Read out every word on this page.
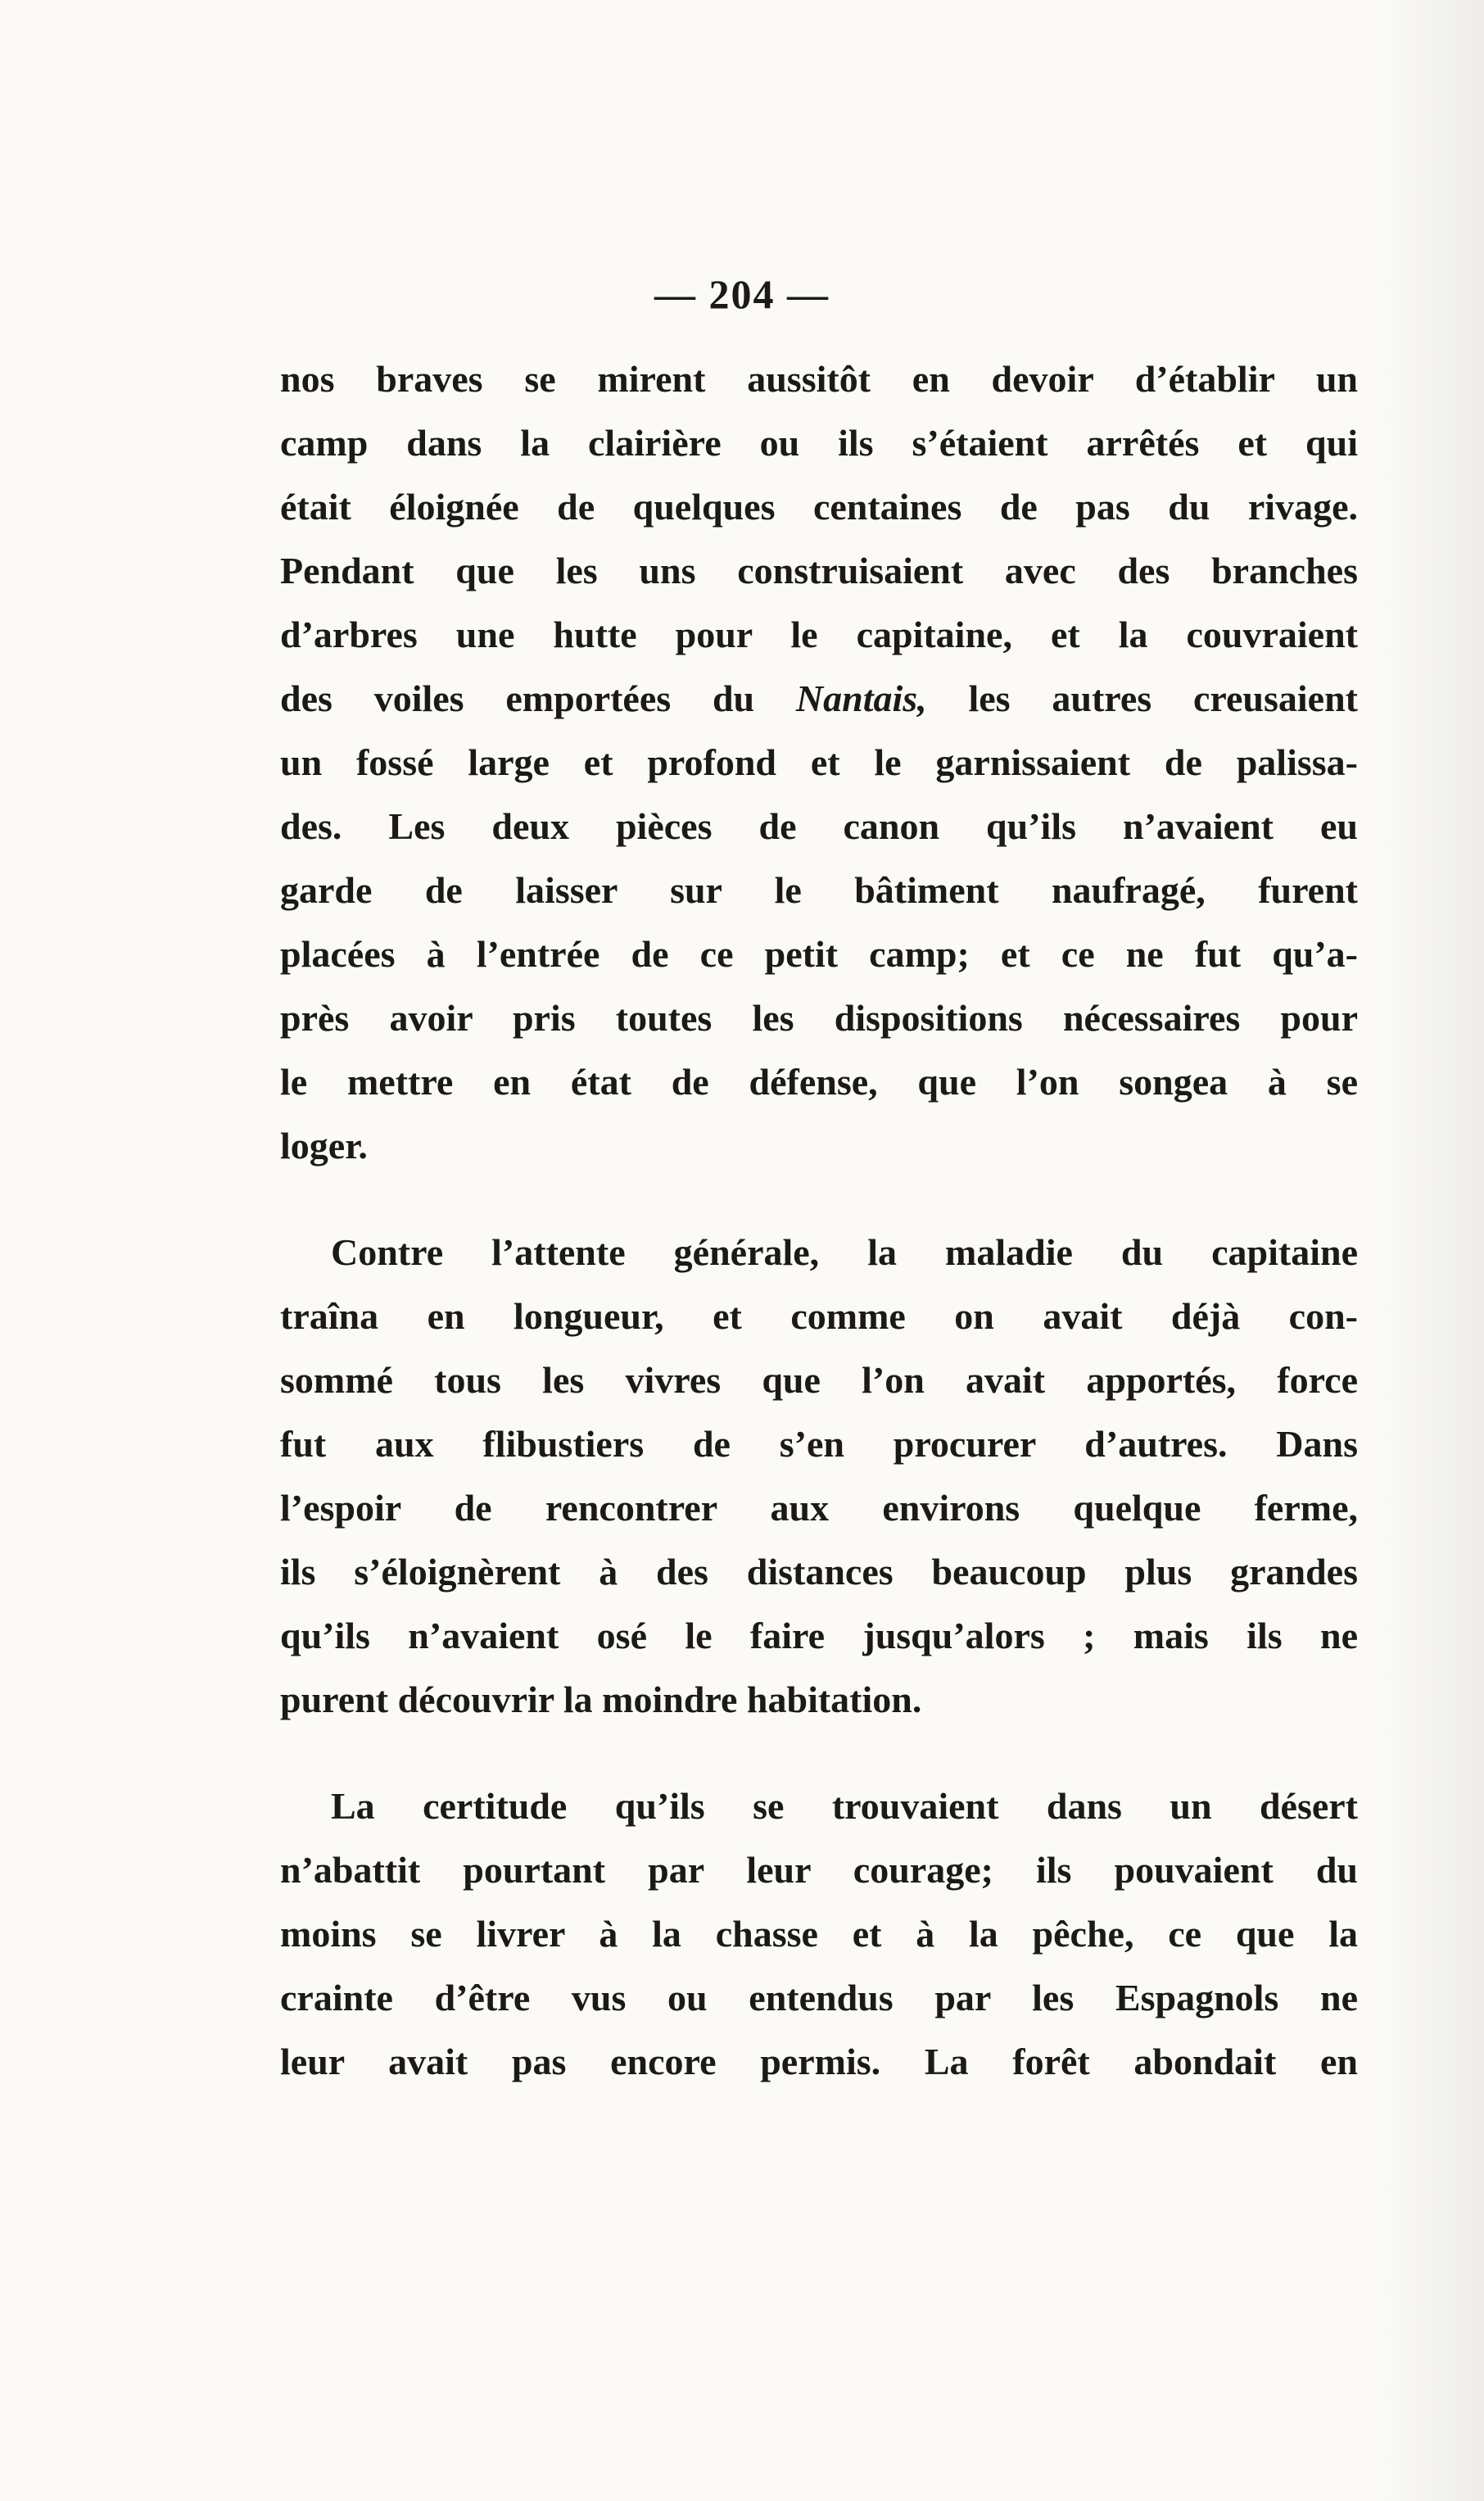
— 204 —
nos braves se mirent aussitôt en devoir d’établir un
camp dans la clairière ou ils s’étaient arrêtés et qui
était éloignée de quelques centaines de pas du rivage.
Pendant que les uns construisaient avec des branches
d’arbres une hutte pour le capitaine, et la couvraient
des voiles emportées du Nantais, les autres creusaient
un fossé large et profond et le garnissaient de palissa-
des. Les deux pièces de canon qu’ils n’avaient eu
garde de laisser sur le bâtiment naufragé, furent
placées à l’entrée de ce petit camp; et ce ne fut qu’a-
près avoir pris toutes les dispositions nécessaires pour
le mettre en état de défense, que l’on songea à se
loger.
Contre l’attente générale, la maladie du capitaine
traîna en longueur, et comme on avait déjà con-
sommé tous les vivres que l’on avait apportés, force
fut aux flibustiers de s’en procurer d’autres. Dans
l’espoir de rencontrer aux environs quelque ferme,
ils s’éloignèrent à des distances beaucoup plus grandes
qu’ils n’avaient osé le faire jusqu’alors ; mais ils ne
purent découvrir la moindre habitation.
La certitude qu’ils se trouvaient dans un désert
n’abattit pourtant par leur courage; ils pouvaient du
moins se livrer à la chasse et à la pêche, ce que la
crainte d’être vus ou entendus par les Espagnols ne
leur avait pas encore permis. La forêt abondait en
